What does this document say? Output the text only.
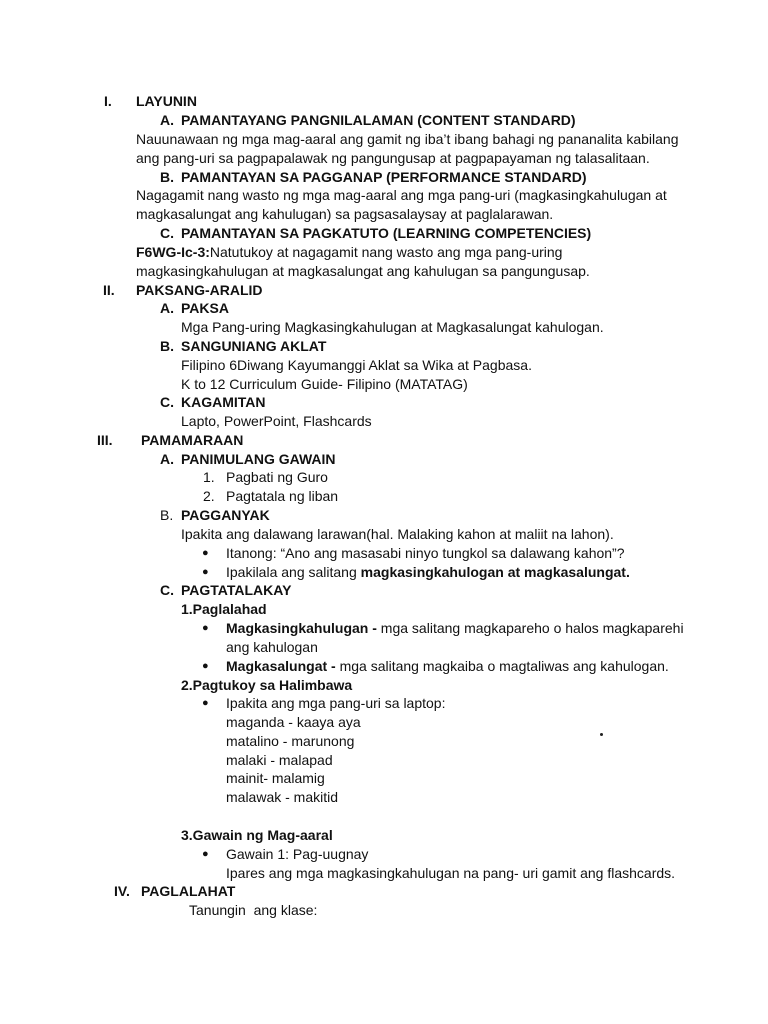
I. LAYUNIN
A. PAMANTAYANG PANGNILALAMAN (CONTENT STANDARD)
Nauunawaan ng mga mag-aaral ang gamit ng iba’t ibang bahagi ng pananalita kabilang
ang pang-uri sa pagpapalawak ng pangungusap at pagpapayaman ng talasalitaan.
B. PAMANTAYAN SA PAGGANAP (PERFORMANCE STANDARD)
Nagagamit nang wasto ng mga mag-aaral ang mga pang-uri (magkasingkahulugan at
magkasalungat ang kahulugan) sa pagsasalaysay at paglalarawan.
C. PAMANTAYAN SA PAGKATUTO (LEARNING COMPETENCIES)
F6WG-Ic-3:Natutukoy at nagagamit nang wasto ang mga pang-uring
magkasingkahulugan at magkasalungat ang kahulugan sa pangungusap.
II. PAKSANG-ARALID
A. PAKSA
Mga Pang-uring Magkasingkahulugan at Magkasalungat kahulogan.
B. SANGUNIANG AKLAT
Filipino 6Diwang Kayumanggi Aklat sa Wika at Pagbasa.
K to 12 Curriculum Guide- Filipino (MATATAG)
C. KAGAMITAN
Lapto, PowerPoint, Flashcards
III. PAMAMARAAN
A. PANIMULANG GAWAIN
1. Pagbati ng Guro
2. Pagtatala ng liban
B. PAGGANYAK
Ipakita ang dalawang larawan(hal. Malaking kahon at maliit na lahon).
● Itanong: “Ano ang masasabi ninyo tungkol sa dalawang kahon”?
● Ipakilala ang salitang magkasingkahulogan at magkasalungat.
C. PAGTATALAKAY
1.Paglalahad
● Magkasingkahulugan - mga salitang magkapareho o halos magkaparehi
ang kahulogan
● Magkasalungat - mga salitang magkaiba o magtaliwas ang kahulogan.
2.Pagtukoy sa Halimbawa
● Ipakita ang mga pang-uri sa laptop:
maganda - kaaya aya
matalino - marunong
malaki - malapad
mainit- malamig
malawak - makitid
3.Gawain ng Mag-aaral
● Gawain 1: Pag-uugnay
Ipares ang mga magkasingkahulugan na pang- uri gamit ang flashcards.
IV. PAGLALAHAT
Tanungin  ang klase:
